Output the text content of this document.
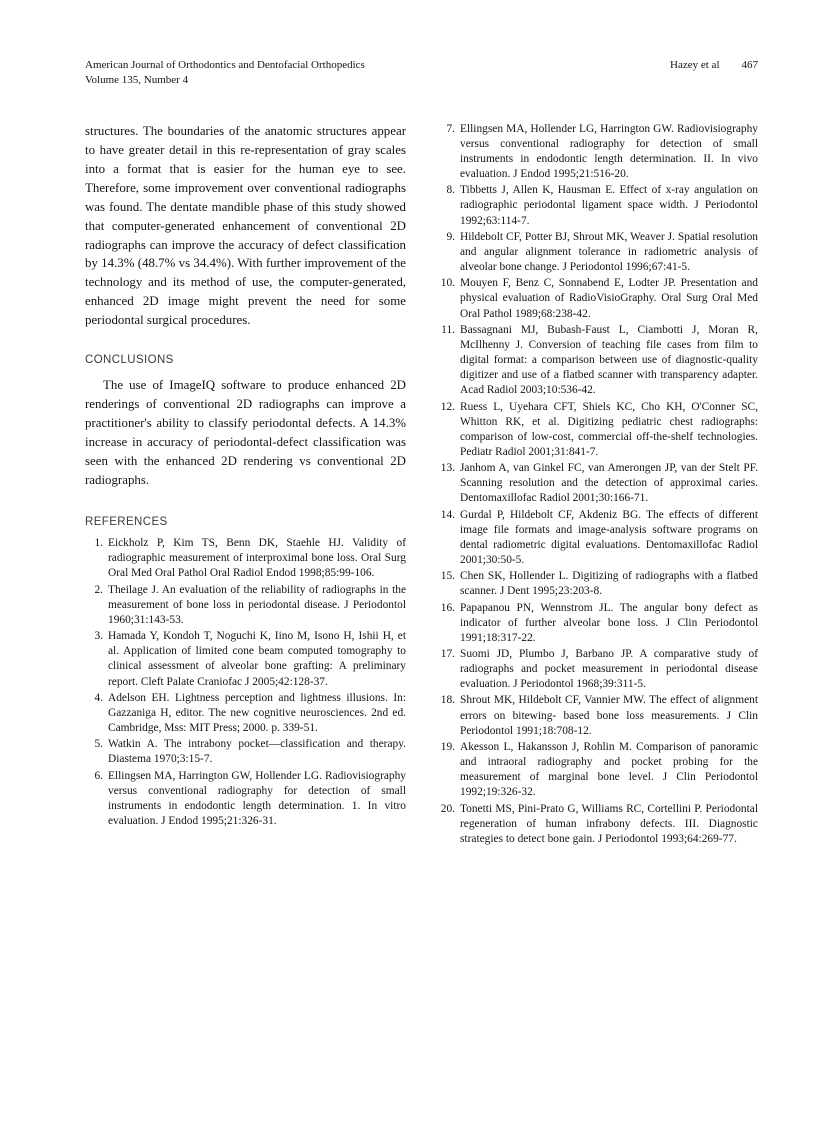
American Journal of Orthodontics and Dentofacial Orthopedics
Volume 135, Number 4
Hazey et al 467

structures. The boundaries of the anatomic structures appear to have greater detail in this re-representation of gray scales into a format that is easier for the human eye to see. Therefore, some improvement over conventional radiographs was found. The dentate mandible phase of this study showed that computer-generated enhancement of conventional 2D radiographs can improve the accuracy of defect classification by 14.3% (48.7% vs 34.4%). With further improvement of the technology and its method of use, the computer-generated, enhanced 2D image might prevent the need for some periodontal surgical procedures.

CONCLUSIONS

The use of ImageIQ software to produce enhanced 2D renderings of conventional 2D radiographs can improve a practitioner's ability to classify periodontal defects. A 14.3% increase in accuracy of periodontal-defect classification was seen with the enhanced 2D rendering vs conventional 2D radiographs.

REFERENCES
1. Eickholz P, Kim TS, Benn DK, Staehle HJ. Validity of radiographic measurement of interproximal bone loss. Oral Surg Oral Med Oral Pathol Oral Radiol Endod 1998;85:99-106.
2. Theilage J. An evaluation of the reliability of radiographs in the measurement of bone loss in periodontal disease. J Periodontol 1960;31:143-53.
3. Hamada Y, Kondoh T, Noguchi K, Iino M, Isono H, Ishii H, et al. Application of limited cone beam computed tomography to clinical assessment of alveolar bone grafting: A preliminary report. Cleft Palate Craniofac J 2005;42:128-37.
4. Adelson EH. Lightness perception and lightness illusions. In: Gazzaniga H, editor. The new cognitive neurosciences. 2nd ed. Cambridge, Mss: MIT Press; 2000. p. 339-51.
5. Watkin A. The intrabony pocket—classification and therapy. Diastema 1970;3:15-7.
6. Ellingsen MA, Harrington GW, Hollender LG. Radiovisiography versus conventional radiography for detection of small instruments in endodontic length determination. 1. In vitro evaluation. J Endod 1995;21:326-31.
7. Ellingsen MA, Hollender LG, Harrington GW. Radiovisiography versus conventional radiography for detection of small instruments in endodontic length determination. II. In vivo evaluation. J Endod 1995;21:516-20.
8. Tibbetts J, Allen K, Hausman E. Effect of x-ray angulation on radiographic periodontal ligament space width. J Periodontol 1992;63:114-7.
9. Hildebolt CF, Potter BJ, Shrout MK, Weaver J. Spatial resolution and angular alignment tolerance in radiometric analysis of alveolar bone change. J Periodontol 1996;67:41-5.
10. Mouyen F, Benz C, Sonnabend E, Lodter JP. Presentation and physical evaluation of RadioVisioGraphy. Oral Surg Oral Med Oral Pathol 1989;68:238-42.
11. Bassagnani MJ, Bubash-Faust L, Ciambotti J, Moran R, McIlhenny J. Conversion of teaching file cases from film to digital format: a comparison between use of diagnostic-quality digitizer and use of a flatbed scanner with transparency adapter. Acad Radiol 2003;10:536-42.
12. Ruess L, Uyehara CFT, Shiels KC, Cho KH, O'Conner SC, Whitton RK, et al. Digitizing pediatric chest radiographs: comparison of low-cost, commercial off-the-shelf technologies. Pediatr Radiol 2001;31:841-7.
13. Janhom A, van Ginkel FC, van Amerongen JP, van der Stelt PF. Scanning resolution and the detection of approximal caries. Dentomaxillofac Radiol 2001;30:166-71.
14. Gurdal P, Hildebolt CF, Akdeniz BG. The effects of different image file formats and image-analysis software programs on dental radiometric digital evaluations. Dentomaxillofac Radiol 2001;30:50-5.
15. Chen SK, Hollender L. Digitizing of radiographs with a flatbed scanner. J Dent 1995;23:203-8.
16. Papapanou PN, Wennstrom JL. The angular bony defect as indicator of further alveolar bone loss. J Clin Periodontol 1991;18:317-22.
17. Suomi JD, Plumbo J, Barbano JP. A comparative study of radiographs and pocket measurement in periodontal disease evaluation. J Periodontol 1968;39:311-5.
18. Shrout MK, Hildebolt CF, Vannier MW. The effect of alignment errors on bitewing- based bone loss measurements. J Clin Periodontol 1991;18:708-12.
19. Akesson L, Hakansson J, Rohlin M. Comparison of panoramic and intraoral radiography and pocket probing for the measurement of marginal bone level. J Clin Periodontol 1992;19:326-32.
20. Tonetti MS, Pini-Prato G, Williams RC, Cortellini P. Periodontal regeneration of human infrabony defects. III. Diagnostic strategies to detect bone gain. J Periodontol 1993;64:269-77.
